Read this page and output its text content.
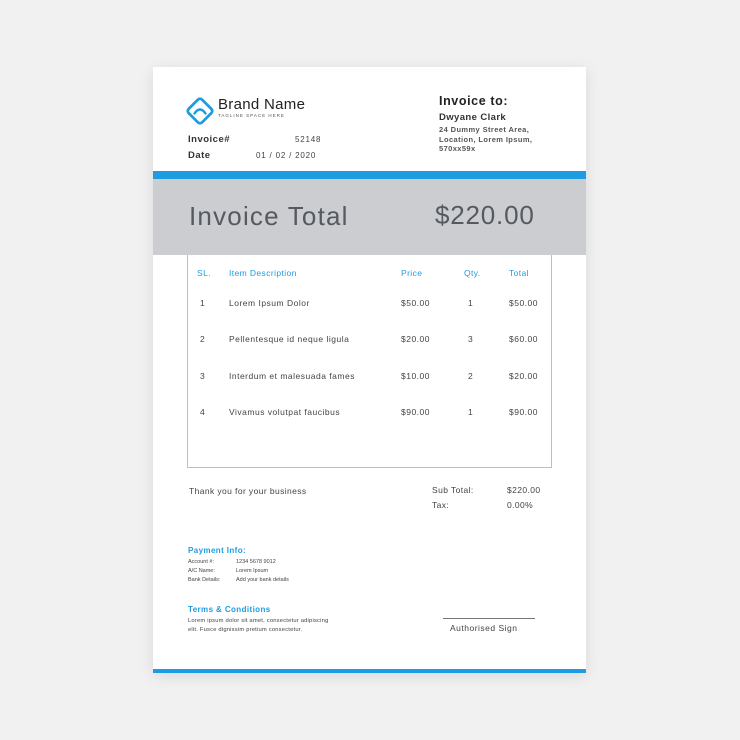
Brand Name
TAGLINE SPACE HERE
Invoice#	52148
Date	01 / 02 / 2020
Invoice to:
Dwyane Clark
24 Dummy Street Area,
Location, Lorem Ipsum,
570xx59x
Invoice Total	$220.00
SL. Item Description	Price	Qty.	Total
1	Lorem Ipsum Dolor	$50.00	1	$50.00
2	Pellentesque id neque ligula	$20.00	3	$60.00
3	Interdum et malesuada fames	$10.00	2	$20.00
4	Vivamus volutpat faucibus	$90.00	1	$90.00
Thank you for your business	Sub Total:	$220.00
Tax:	0.00%
Payment Info:
Account #:	1234 5678 9012
A/C Name:	Lorem Ipsum
Bank Details:	Add your bank details
Terms & Conditions
Lorem ipsum dolor sit amet, consectetur adipiscing
elit. Fusce dignissim pretium consectetur.	Authorised Sign
